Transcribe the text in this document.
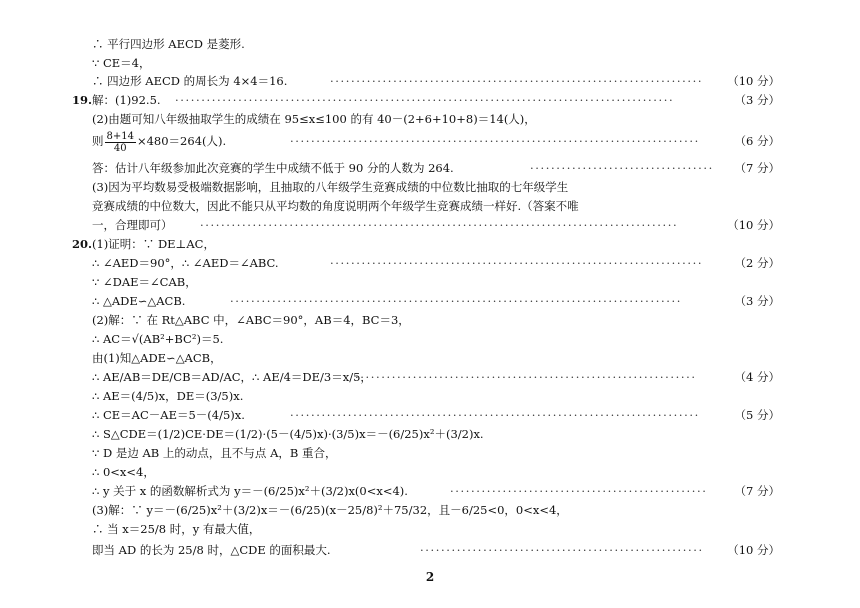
∴ 平行四边形 AECD 是菱形.
∵ CE＝4，
∴ 四边形 AECD 的周长为 4×4＝16.	·······································································	（10 分）
19. 解：(1)92.5. ·······························································································	（3 分）
(2)由题可知八年级抽取学生的成绩在 95≤x≤100 的有 40－(2+6+10+8)＝14(人)，
则 $\frac{8+14}{40} \times 480=264$(人).	··············································································	（6 分）
答：估计八年级参加此次竞赛的学生中成绩不低于 90 分的人数为 264.	···································	（7 分）
(3)因为平均数易受极端数据影响，且抽取的八年级学生竞赛成绩的中位数比抽取的七年级学生
竞赛成绩的中位数大，因此不能只从平均数的角度说明两个年级学生竞赛成绩一样好.（答案不唯
一，合理即可） ···························································································	（10 分）
20. (1)证明：∵ DE⊥AC，
∴ ∠AED＝90°，∴ ∠AED＝∠ABC.	·······································································	（2 分）
∵ ∠DAE＝∠CAB，
∴ △ADE∽△ACB.	······················································································	（3 分）
(2)解：∵ 在 Rt△ABC 中，∠ABC＝90°，AB＝4，BC＝3，
∴ AC＝√(AB²+BC²)＝5.
由(1)知△ADE∽△ACB，
∴ AE/AB＝DE/CB＝AD/AC，∴ AE/4＝DE/3＝x/5，
·································································	（4 分）
∴ AE＝(4/5)x，DE＝(3/5)x.
∴ CE＝AC－AE＝5－(4/5)x.	··············································································	（5 分）
∴ S△CDE＝(1/2)CE·DE＝(1/2)·(5－(4/5)x)·(3/5)x＝－(6/25)x²＋(3/2)x.
∵ D 是边 AB 上的动点，且不与点 A，B 重合，
∴ 0<x<4，
∴ y 关于 x 的函数解析式为 y＝－(6/25)x²＋(3/2)x(0<x<4).	·················································	（7 分）
(3)解：∵ y＝－(6/25)x²＋(3/2)x＝－(6/25)(x－25/8)²＋75/32，且－6/25<0，0<x<4，
∴ 当 x＝25/8 时，y 有最大值，
即当 AD 的长为 25/8 时，△CDE 的面积最大.	······················································	（10 分）
2
